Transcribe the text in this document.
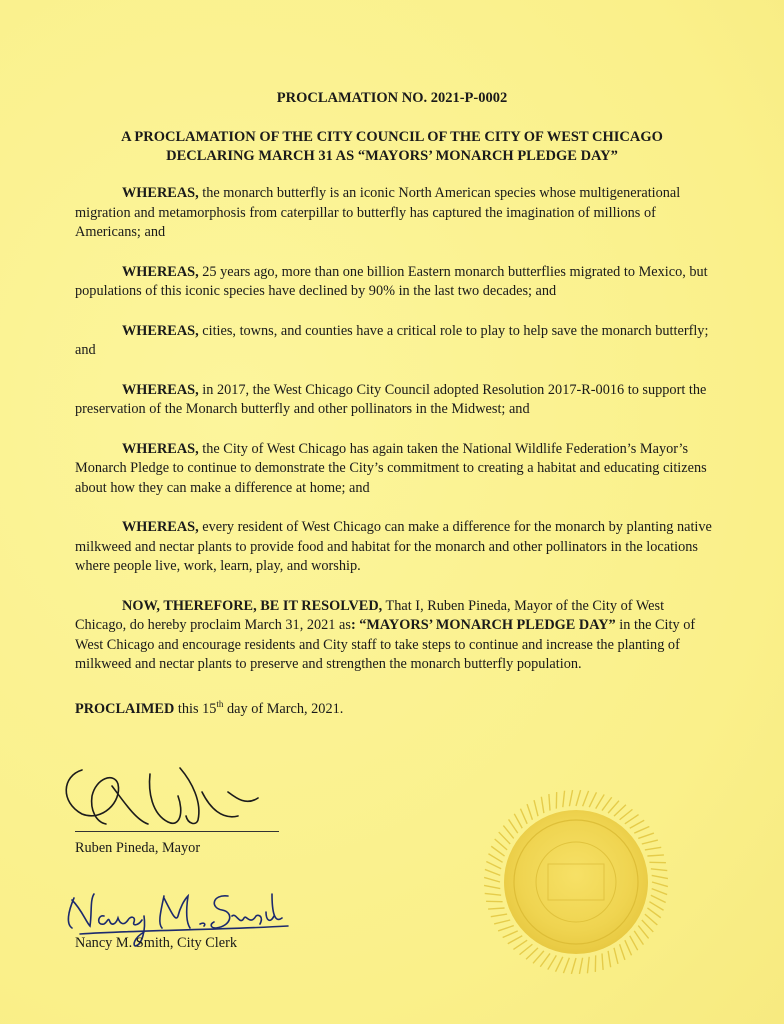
PROCLAMATION NO. 2021-P-0002
A PROCLAMATION OF THE CITY COUNCIL OF THE CITY OF WEST CHICAGO
DECLARING MARCH 31 AS “MAYORS’ MONARCH PLEDGE DAY”

WHEREAS, the monarch butterfly is an iconic North American species whose multigenerational migration and metamorphosis from caterpillar to butterfly has captured the imagination of millions of Americans; and

WHEREAS, 25 years ago, more than one billion Eastern monarch butterflies migrated to Mexico, but populations of this iconic species have declined by 90% in the last two decades; and

WHEREAS, cities, towns, and counties have a critical role to play to help save the monarch butterfly; and

WHEREAS, in 2017, the West Chicago City Council adopted Resolution 2017-R-0016 to support the preservation of the Monarch butterfly and other pollinators in the Midwest; and

WHEREAS, the City of West Chicago has again taken the National Wildlife Federation’s Mayor’s Monarch Pledge to continue to demonstrate the City’s commitment to creating a habitat and educating citizens about how they can make a difference at home; and

WHEREAS, every resident of West Chicago can make a difference for the monarch by planting native milkweed and nectar plants to provide food and habitat for the monarch and other pollinators in the locations where people live, work, learn, play, and worship.

NOW, THEREFORE, BE IT RESOLVED, That I, Ruben Pineda, Mayor of the City of West Chicago, do hereby proclaim March 31, 2021 as: “MAYORS’ MONARCH PLEDGE DAY” in the City of West Chicago and encourage residents and City staff to take steps to continue and increase the planting of milkweed and nectar plants to preserve and strengthen the monarch butterfly population.

PROCLAIMED this 15th day of March, 2021.

Ruben Pineda, Mayor
Nancy M. Smith, City Clerk
